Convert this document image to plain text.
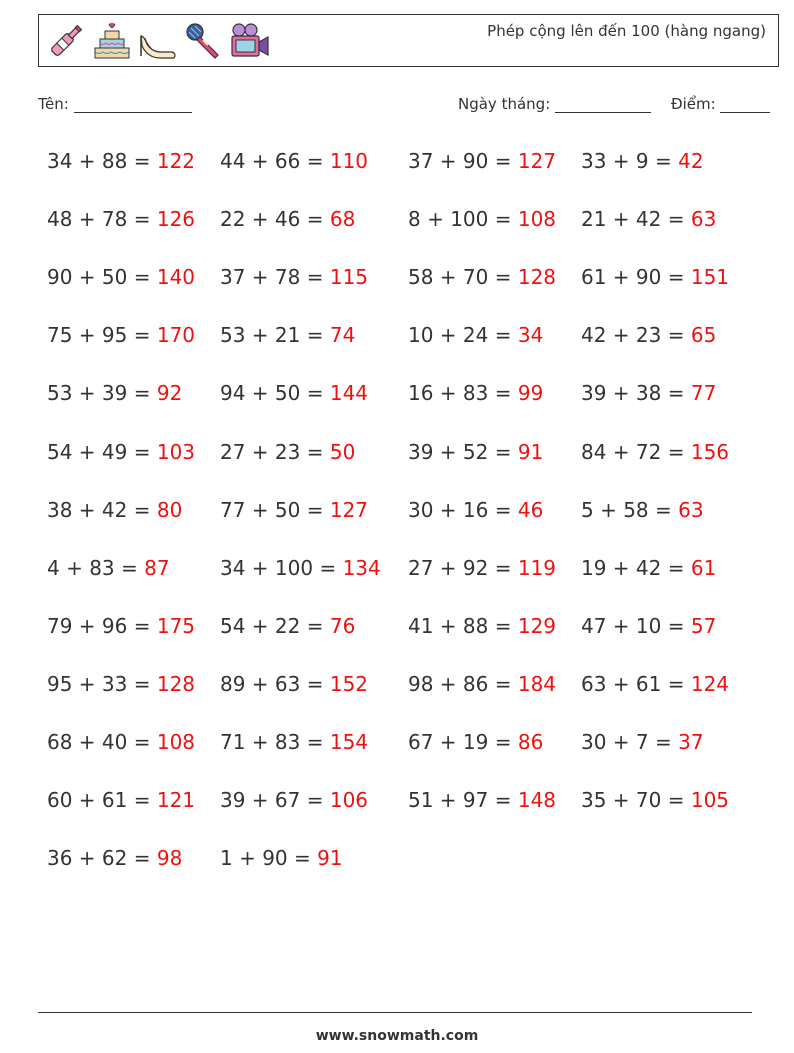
Phép cộng lên đến 100 (hàng ngang)
Tên:	Ngày tháng:	Điểm:
34 + 88 = 122 44 + 66 = 110 37 + 90 = 127 33 + 9 = 42
48 + 78 = 126 22 + 46 = 68	8 + 100 = 108 21 + 42 = 63
90 + 50 = 140 37 + 78 = 115 58 + 70 = 128 61 + 90 = 151
75 + 95 = 170 53 + 21 = 74	10 + 24 = 34 42 + 23 = 65
53 + 39 = 92 94 + 50 = 144 16 + 83 = 99 39 + 38 = 77
54 + 49 = 103 27 + 23 = 50	39 + 52 = 91 84 + 72 = 156
38 + 42 = 80 77 + 50 = 127 30 + 16 = 46 5 + 58 = 63
4 + 83 = 87	34 + 100 = 134 27 + 92 = 119 19 + 42 = 61
79 + 96 = 175 54 + 22 = 76	41 + 88 = 129 47 + 10 = 57
95 + 33 = 128 89 + 63 = 152 98 + 86 = 184 63 + 61 = 124
68 + 40 = 108 71 + 83 = 154 67 + 19 = 86 30 + 7 = 37
60 + 61 = 121 39 + 67 = 106 51 + 97 = 148 35 + 70 = 105
36 + 62 = 98 1 + 90 = 91
www.snowmath.com
